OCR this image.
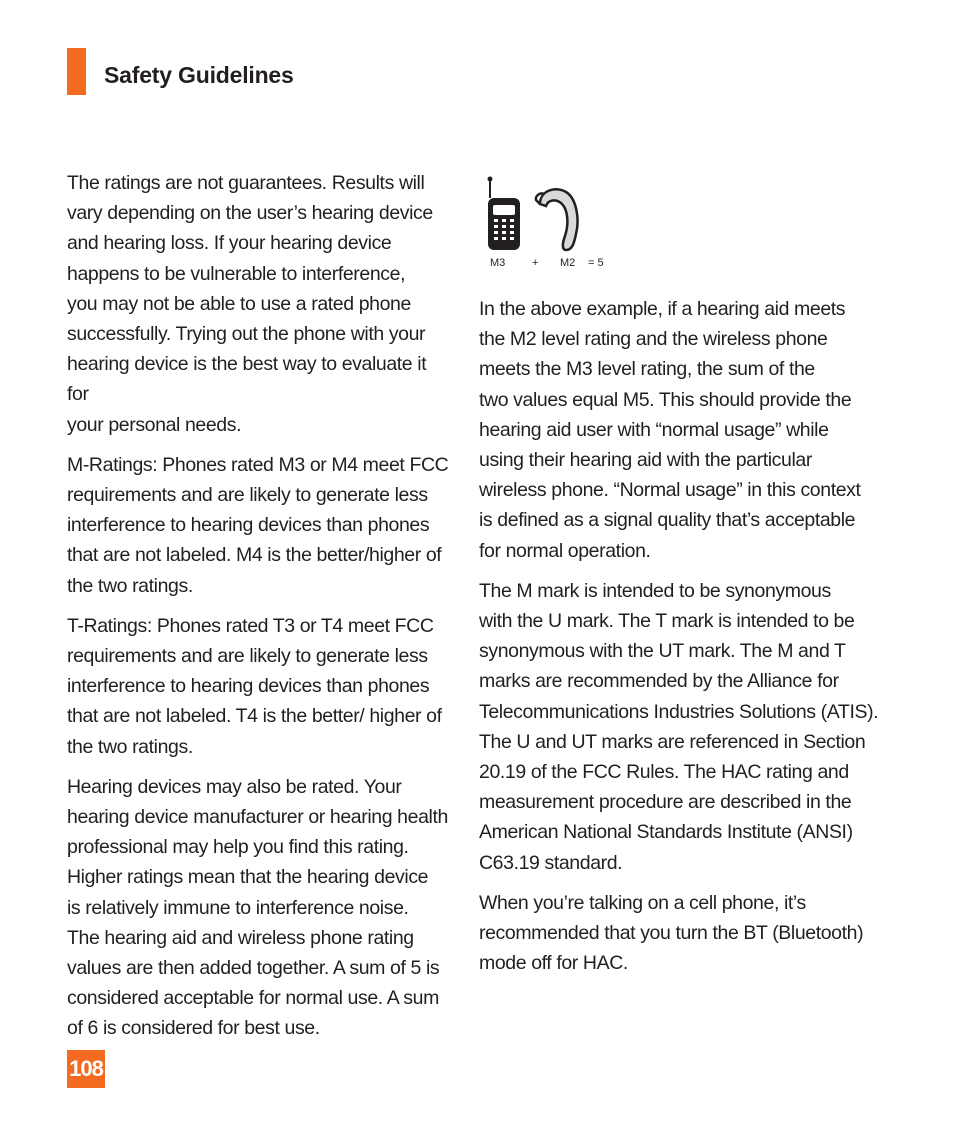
Safety Guidelines

The ratings are not guarantees. Results will
vary depending on the user’s hearing device
and hearing loss. If your hearing device
happens to be vulnerable to interference,
you may not be able to use a rated phone
successfully. Trying out the phone with your
hearing device is the best way to evaluate it for
your personal needs.

M-Ratings: Phones rated M3 or M4 meet FCC
requirements and are likely to generate less
interference to hearing devices than phones
that are not labeled. M4 is the better/higher of
the two ratings.

T-Ratings: Phones rated T3 or T4 meet FCC
requirements and are likely to generate less
interference to hearing devices than phones
that are not labeled. T4 is the better/ higher of
the two ratings.

Hearing devices may also be rated. Your
hearing device manufacturer or hearing health
professional may help you find this rating.
Higher ratings mean that the hearing device
is relatively immune to interference noise.
The hearing aid and wireless phone rating
values are then added together. A sum of 5 is
considered acceptable for normal use. A sum
of 6 is considered for best use.

M3 + M2 = 5

In the above example, if a hearing aid meets
the M2 level rating and the wireless phone
meets the M3 level rating, the sum of the
two values equal M5. This should provide the
hearing aid user with “normal usage” while
using their hearing aid with the particular
wireless phone. “Normal usage” in this context
is defined as a signal quality that’s acceptable
for normal operation.

The M mark is intended to be synonymous
with the U mark. The T mark is intended to be
synonymous with the UT mark. The M and T
marks are recommended by the Alliance for
Telecommunications Industries Solutions (ATIS).
The U and UT marks are referenced in Section
20.19 of the FCC Rules. The HAC rating and
measurement procedure are described in the
American National Standards Institute (ANSI)
C63.19 standard.

When you’re talking on a cell phone, it’s
recommended that you turn the BT (Bluetooth)
mode off for HAC.

108
